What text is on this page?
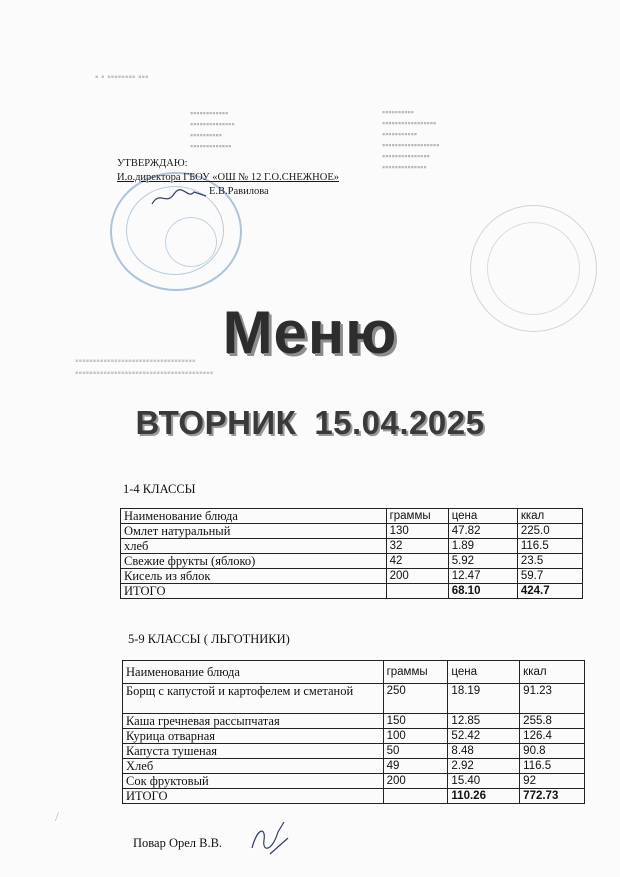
▪ ▪ ▪▪▪▪▪▪▪▪ ▪▪▪
▪▪▪▪▪▪▪▪▪▪
▪▪▪▪▪▪▪▪▪▪▪▪▪▪▪▪▪
▪▪▪▪▪▪▪▪▪▪▪
▪▪▪▪▪▪▪▪▪▪▪▪▪▪▪▪▪▪
▪▪▪▪▪▪▪▪▪▪▪▪▪▪▪
▪▪▪▪▪▪▪▪▪▪▪▪▪▪
▪▪▪▪▪▪▪▪▪▪▪▪
▪▪▪▪▪▪▪▪▪▪▪▪▪▪
▪▪▪▪▪▪▪▪▪▪
▪▪▪▪▪▪▪▪▪▪▪▪▪
▪▪▪▪▪▪▪▪▪▪▪▪▪▪▪▪▪▪▪▪▪▪▪▪▪▪▪▪▪▪▪▪▪▪
▪▪▪▪▪▪▪▪▪▪▪▪▪▪▪▪▪▪▪▪▪▪▪▪▪▪▪▪▪▪▪▪▪▪▪▪▪▪▪
УТВЕРЖДАЮ:
И.о.директора ГБОУ «ОШ № 12 Г.О.СНЕЖНОЕ»
Е.В.Равилова
Меню
ВТОРНИК 15.04.2025
1-4 КЛАССЫ
Наименование блюда	граммы	цена	ккал
Омлет натуральный	130	47.82	225.0
хлеб	32	1.89	116.5
Свежие фрукты (яблоко)	42	5.92	23.5
Кисель из яблок	200	12.47	59.7
ИТОГО		68.10	424.7
5-9 КЛАССЫ ( ЛЬГОТНИКИ)
Наименование блюда	граммы	цена	ккал
Борщ с капустой и картофелем и сметаной	250	18.19	91.23
Каша гречневая рассыпчатая	150	12.85	255.8
Курица отварная	100	52.42	126.4
Капуста тушеная	50	8.48	90.8
Хлеб	49	2.92	116.5
Сок фруктовый	200	15.40	92
ИТОГО		110.26	772.73
Повар Орел В.В.
/
